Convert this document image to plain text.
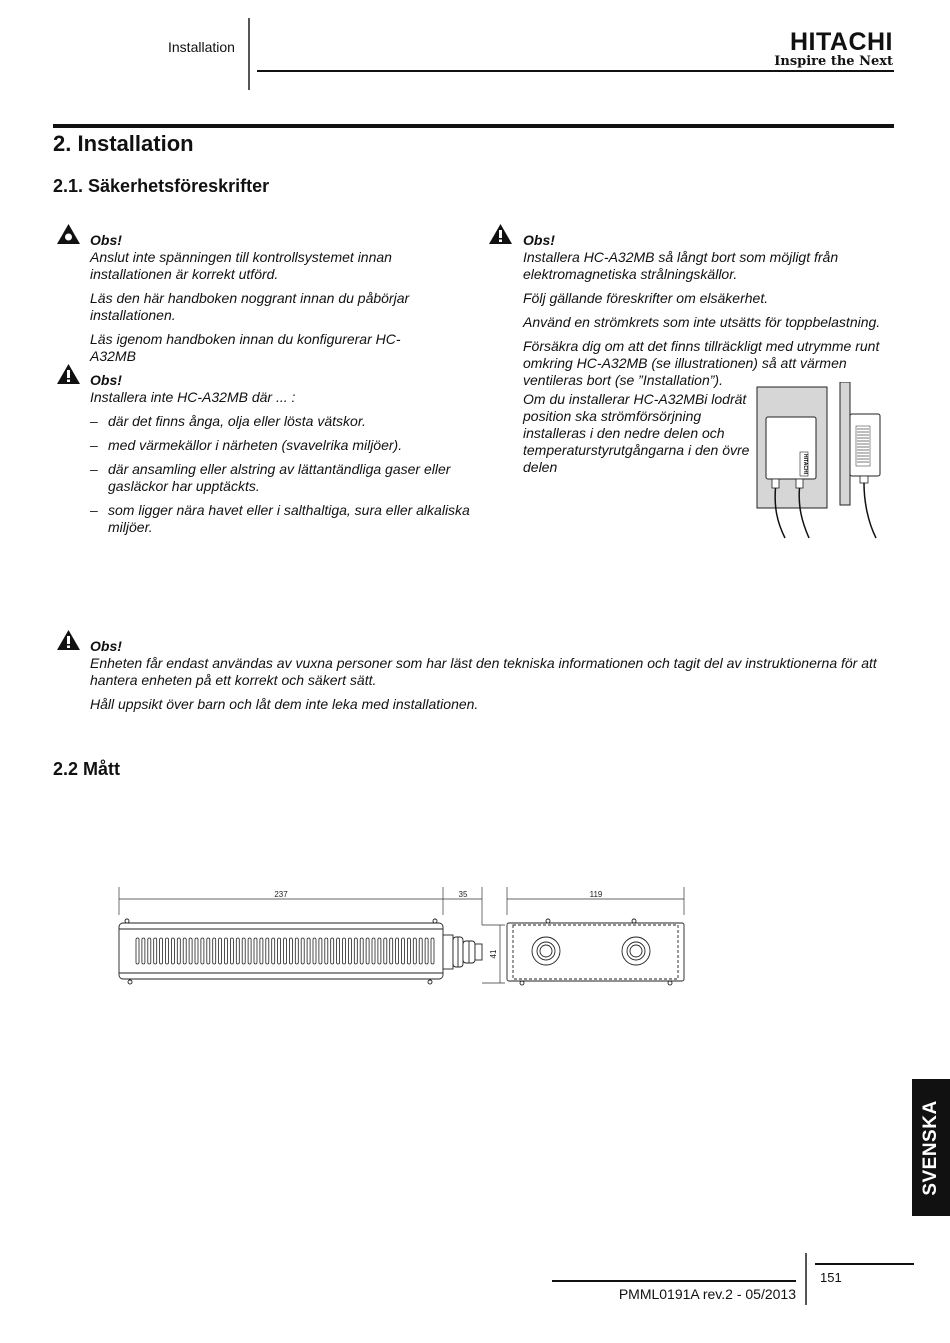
Installation	HITACHI
Inspire the Next
2. Installation
2.1. Säkerhetsföreskrifter

Obs!

Anslut inte spänningen till kontrollsystemet innan installationen är korrekt utförd.

Läs den här handboken noggrant innan du påbörjar installationen.

Läs igenom handboken innan du konfigurerar HC-A32MB

Obs!

Installera inte HC-A32MB där ... :

– där det finns ånga, olja eller lösta vätskor.
– med värmekällor i närheten (svavelrika miljöer).
– där ansamling eller alstring av lättantändliga gaser eller gasläckor har upptäckts.
– som ligger nära havet eller i salthaltiga, sura eller alkaliska miljöer.

Obs!

Installera HC-A32MB så långt bort som möjligt från elektromagnetiska strålningskällor.

Följ gällande föreskrifter om elsäkerhet.

Använd en strömkrets som inte utsätts för toppbelastning.

Försäkra dig om att det finns tillräckligt med utrymme runt omkring HC-A32MB (se illustrationen) så att värmen ventileras bort (se ”Installation”).

Om du installerar HC-A32MBi lodrät position ska strömförsörjning installeras i den nedre delen och temperaturstyrutgångarna i den övre delen	HITACHI

Obs!

Enheten får endast användas av vuxna personer som har läst den tekniska informationen och tagit del av instruktionerna för att hantera enheten på ett korrekt och säkert sätt.

Håll uppsikt över barn och låt dem inte leka med installationen.

2.2 Mått
237	35	119
41
SVENSKA
PMML0191A rev.2 - 05/2013
151
